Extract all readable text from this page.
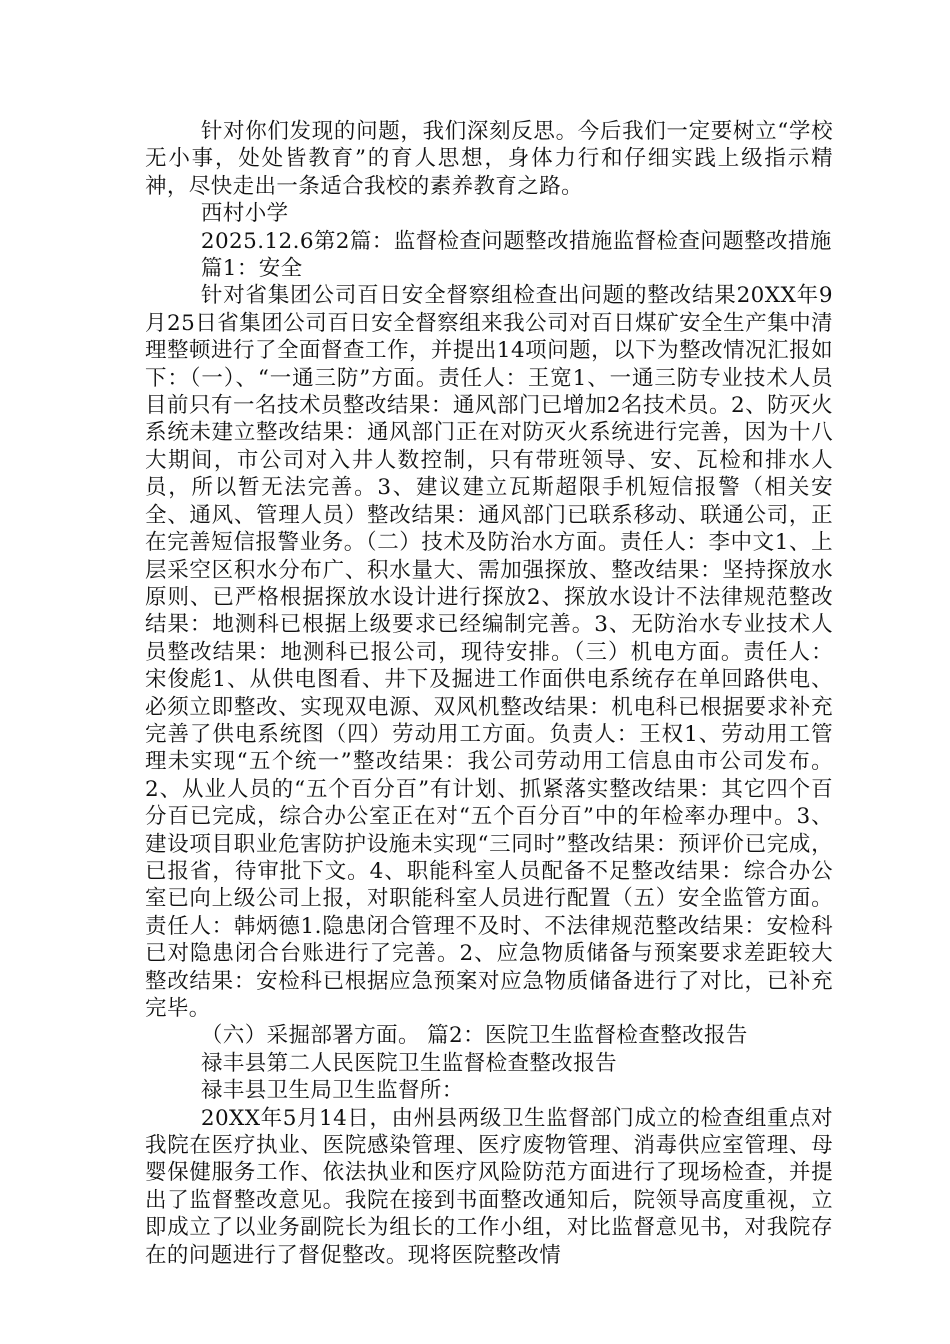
针对你们发现的问题，我们深刻反思。今后我们一定要树立“学校无小事，处处皆教育”的育人思想，身体力行和仔细实践上级指示精神，尽快走出一条适合我校的素养教育之路。

西村小学

2025.12.6第2篇：监督检查问题整改措施监督检查问题整改措施

篇1：安全

针对省集团公司百日安全督察组检查出问题的整改结果20XX年9月25日省集团公司百日安全督察组来我公司对百日煤矿安全生产集中清理整顿进行了全面督查工作，并提出14项问题，以下为整改情况汇报如下：（一）、“一通三防”方面。责任人：王宽1、一通三防专业技术人员目前只有一名技术员整改结果：通风部门已增加2名技术员。2、防灭火系统未建立整改结果：通风部门正在对防灭火系统进行完善，因为十八大期间，市公司对入井人数控制，只有带班领导、安、瓦检和排水人员，所以暂无法完善。3、建议建立瓦斯超限手机短信报警（相关安全、通风、管理人员）整改结果：通风部门已联系移动、联通公司，正在完善短信报警业务。（二）技术及防治水方面。责任人：李中文1、上层采空区积水分布广、积水量大、需加强探放、整改结果：坚持探放水原则、已严格根据探放水设计进行探放2、探放水设计不法律规范整改结果：地测科已根据上级要求已经编制完善。3、无防治水专业技术人员整改结果：地测科已报公司，现待安排。（三）机电方面。责任人：宋俊彪1、从供电图看、井下及掘进工作面供电系统存在单回路供电、必须立即整改、实现双电源、双风机整改结果：机电科已根据要求补充完善了供电系统图（四）劳动用工方面。负责人：王权1、劳动用工管理未实现“五个统一”整改结果：我公司劳动用工信息由市公司发布。2、从业人员的“五个百分百”有计划、抓紧落实整改结果：其它四个百分百已完成，综合办公室正在对“五个百分百”中的年检率办理中。3、建设项目职业危害防护设施未实现“三同时”整改结果：预评价已完成，已报省，待审批下文。4、职能科室人员配备不足整改结果：综合办公室已向上级公司上报，对职能科室人员进行配置（五）安全监管方面。责任人：韩炳德1.隐患闭合管理不及时、不法律规范整改结果：安检科已对隐患闭合台账进行了完善。2、应急物质储备与预案要求差距较大整改结果：安检科已根据应急预案对应急物质储备进行了对比，已补充完毕。

（六）采掘部署方面。 篇2：医院卫生监督检查整改报告

禄丰县第二人民医院卫生监督检查整改报告

禄丰县卫生局卫生监督所：

20XX年5月14日，由州县两级卫生监督部门成立的检查组重点对我院在医疗执业、医院感染管理、医疗废物管理、消毒供应室管理、母婴保健服务工作、依法执业和医疗风险防范方面进行了现场检查，并提出了监督整改意见。我院在接到书面整改通知后，院领导高度重视，立即成立了以业务副院长为组长的工作小组，对比监督意见书，对我院存在的问题进行了督促整改。现将医院整改情
